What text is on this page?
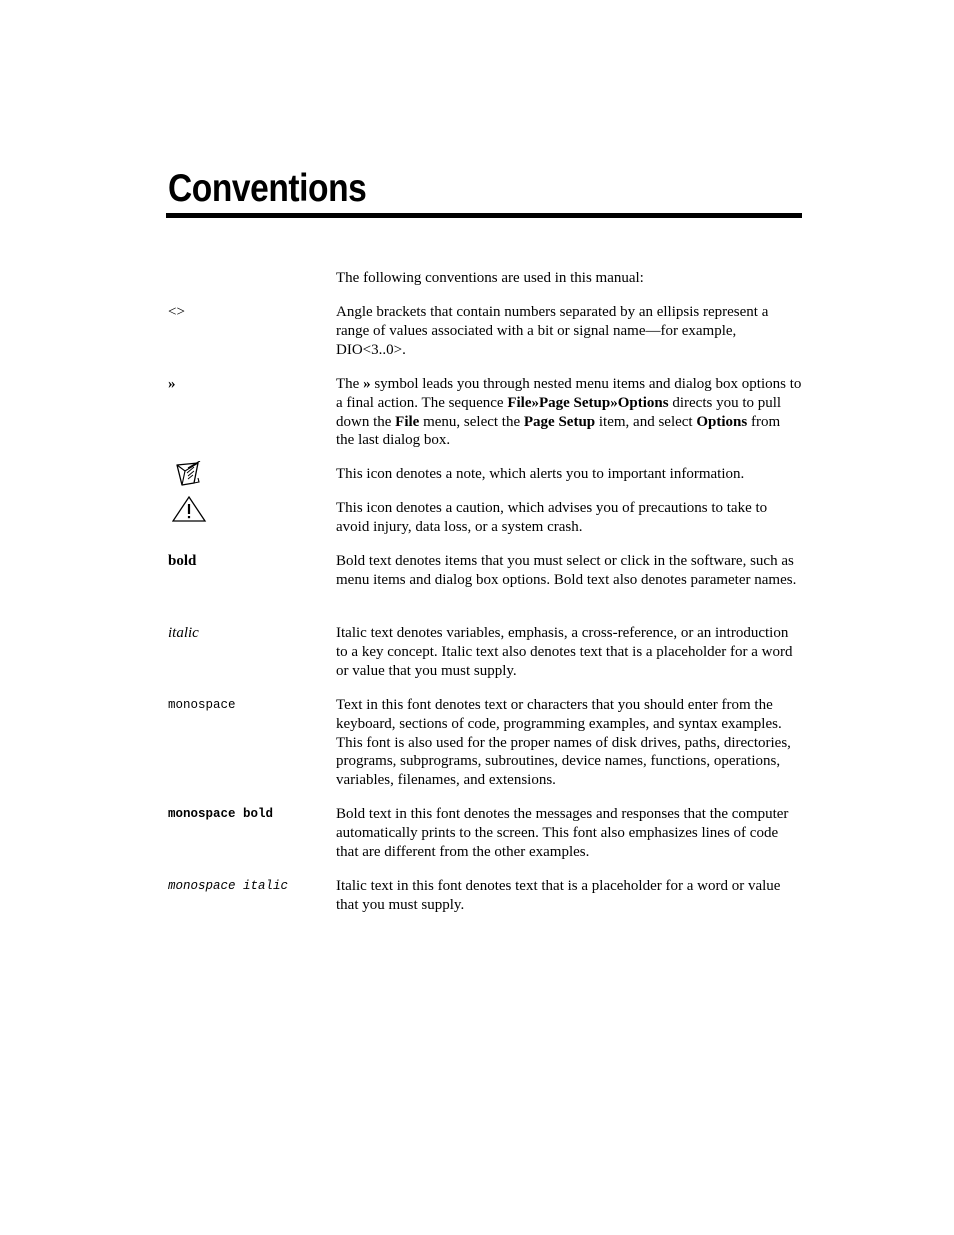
Conventions

The following conventions are used in this manual:

<>	Angle brackets that contain numbers separated by an ellipsis represent a range of values associated with a bit or signal name—for example, DIO<3..0>.

»	The » symbol leads you through nested menu items and dialog box options to a final action. The sequence File»Page Setup»Options directs you to pull down the File menu, select the Page Setup item, and select Options from the last dialog box.

This icon denotes a note, which alerts you to important information.

This icon denotes a caution, which advises you of precautions to take to avoid injury, data loss, or a system crash.

bold	Bold text denotes items that you must select or click in the software, such as menu items and dialog box options. Bold text also denotes parameter names.

italic	Italic text denotes variables, emphasis, a cross-reference, or an introduction to a key concept. Italic text also denotes text that is a placeholder for a word or value that you must supply.

monospace	Text in this font denotes text or characters that you should enter from the keyboard, sections of code, programming examples, and syntax examples. This font is also used for the proper names of disk drives, paths, directories, programs, subprograms, subroutines, device names, functions, operations, variables, filenames, and extensions.

monospace bold	Bold text in this font denotes the messages and responses that the computer automatically prints to the screen. This font also emphasizes lines of code that are different from the other examples.

monospace italic	Italic text in this font denotes text that is a placeholder for a word or value that you must supply.
